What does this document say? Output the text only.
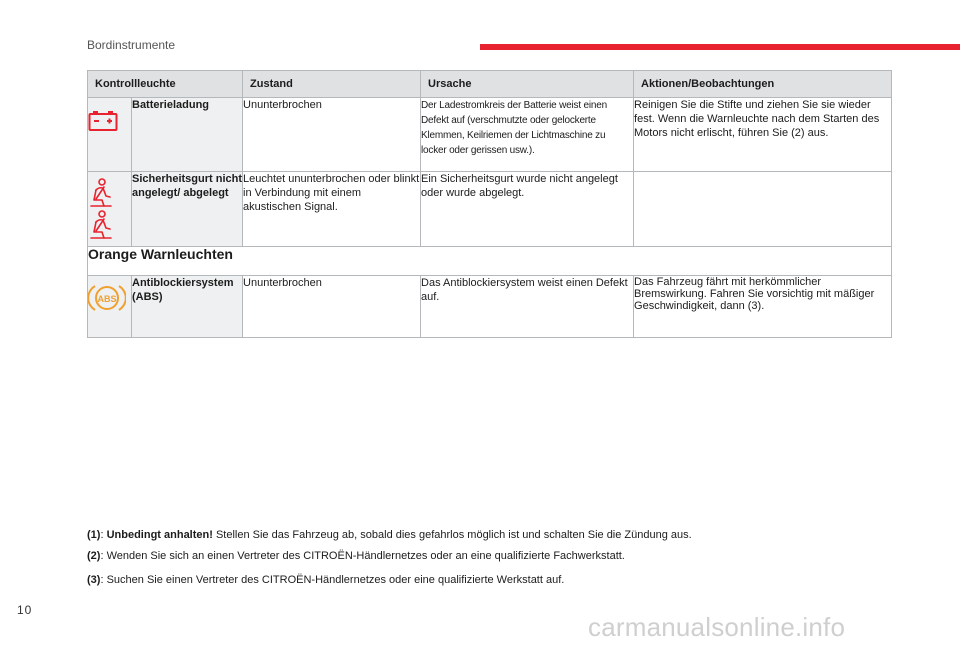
Bordinstrumente
Kontrollleuchte		Zustand	Ursache	Aktionen/Beobachtungen
	Batterieladung	Ununterbrochen	Der Ladestromkreis der Batterie weist einen Defekt auf (verschmutzte oder gelockerte Klemmen, Keilriemen der Lichtmaschine zu locker oder gerissen usw.).	Reinigen Sie die Stifte und ziehen Sie sie wieder fest. Wenn die Warnleuchte nach dem Starten des Motors nicht erlischt, führen Sie (2) aus.
	Sicherheitsgurt nicht angelegt/ abgelegt	Leuchtet ununterbrochen oder blinkt in Verbindung mit einem akustischen Signal.	Ein Sicherheitsgurt wurde nicht angelegt oder wurde abgelegt.	
Orange Warnleuchten				

ABS	Antiblockiersystem (ABS)	Ununterbrochen	Das Antiblockiersystem weist einen Defekt auf.	Das Fahrzeug fährt mit herkömmlicher Bremswirkung. Fahren Sie vorsichtig mit mäßiger Geschwindigkeit, dann (3).
(1): Unbedingt anhalten! Stellen Sie das Fahrzeug ab, sobald dies gefahrlos möglich ist und schalten Sie die Zündung aus.
(2): Wenden Sie sich an einen Vertreter des CITROËN-Händlernetzes oder an eine qualifizierte Fachwerkstatt.
(3): Suchen Sie einen Vertreter des CITROËN-Händlernetzes oder eine qualifizierte Werkstatt auf.
10
carmanualsonline.info
